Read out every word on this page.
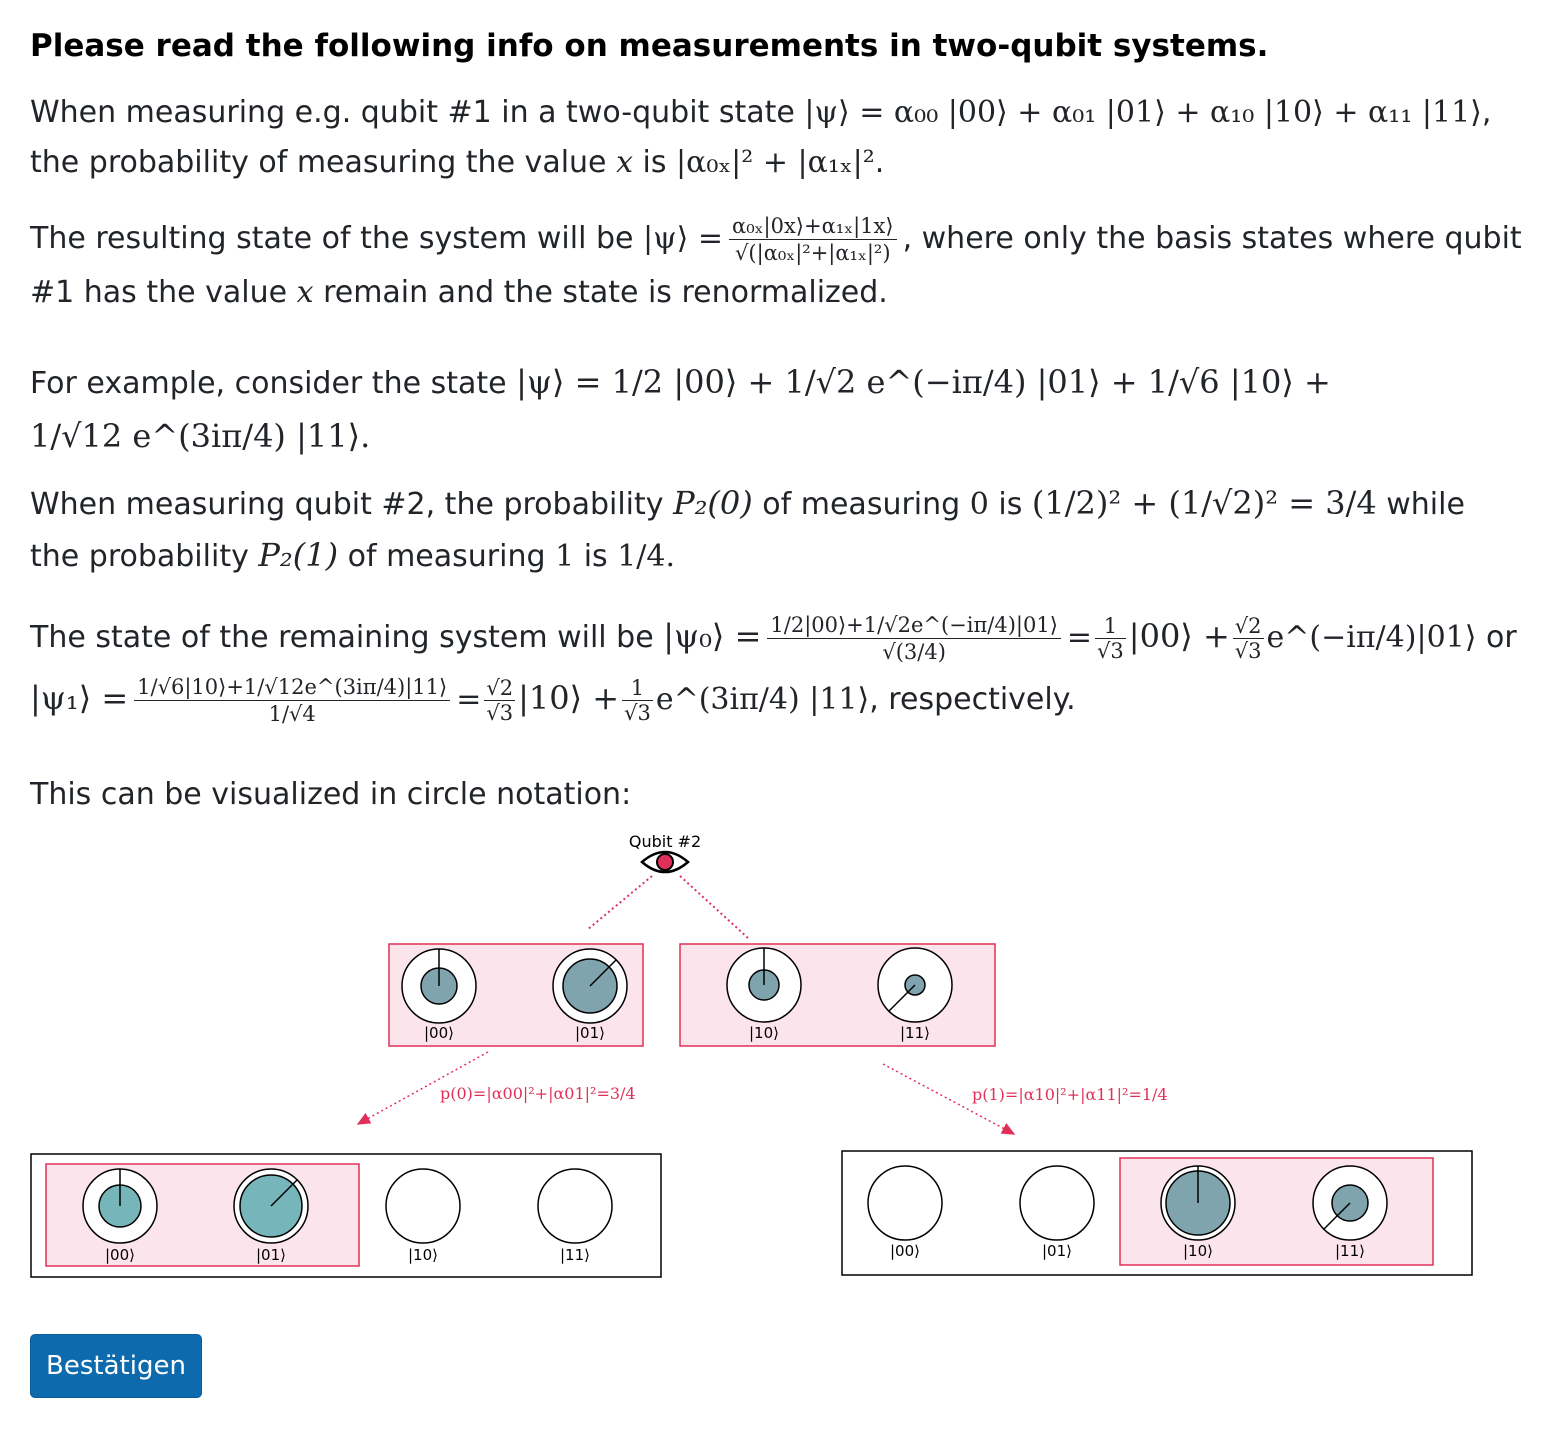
Please read the following info on measurements in two-qubit systems.

When measuring e.g. qubit #1 in a two-qubit state |ψ⟩ = α₀₀ |00⟩ + α₀₁ |01⟩ + α₁₀ |10⟩ + α₁₁ |11⟩,
the probability of measuring the value x is |α₀ₓ|² + |α₁ₓ|².

The resulting state of the system will be |ψ⟩ = $\frac{\text{α₀ₓ|0x⟩+α₁ₓ|1x⟩}}{\text{√(|α₀ₓ|²+|α₁ₓ|²)}}$ , where only the basis states where qubit
#1 has the value x remain and the state is renormalized.

For example, consider the state |ψ⟩ = 1/2 |00⟩ + 1/√2 e^(−iπ/4) |01⟩ + 1/√6 |10⟩ +
1/√12 e^(3iπ/4) |11⟩.

When measuring qubit #2, the probability P₂(0) of measuring 0 is (1/2)² + (1/√2)² = 3/4 while
the probability P₂(1) of measuring 1 is 1/4.

The state of the remaining system will be |ψ₀⟩ = $\frac{1/2|00⟩+1/√2e\^{}(-i\pi/4)|01⟩}{√(3/4)} = \frac{1}{√3}$ |00⟩ + $\frac{√2}{√3}$ e^(−iπ/4)|01⟩ or
|ψ₁⟩ = $\frac{1/√6|10⟩+1/√12e\^{}(3i\pi/4)|11⟩}{1/√4} = \frac{√2}{√3}$ |10⟩ + $\frac{1}{√3}$ e^(3iπ/4) |11⟩, respectively.

This can be visualized in circle notation:

Qubit #2
|00⟩	|01⟩	|10⟩	|11⟩
p(0)=|α00|²+|α01|²=3/4	p(1)=|α10|²+|α11|²=1/4
|00⟩	|01⟩	|10⟩	|11⟩	|00⟩	|01⟩	|10⟩	|11⟩
Bestätigen
